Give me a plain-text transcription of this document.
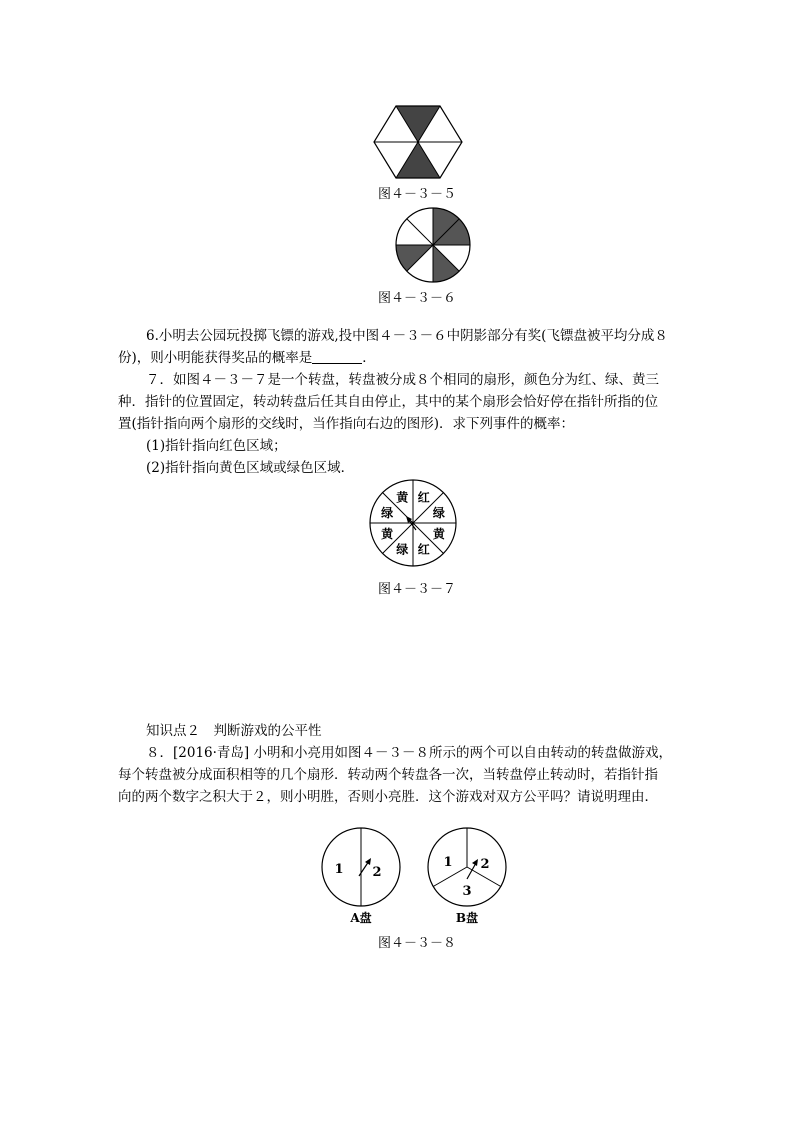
图４－３－５
图４－３－６
6.小明去公园玩投掷飞镖的游戏,投中图４－３－６中阴影部分有奖(飞镖盘被平均分成８
份)，则小明能获得奖品的概率是	．
７．如图４－３－７是一个转盘，转盘被分成８个相同的扇形，颜色分为红、绿、黄三
种．指针的位置固定，转动转盘后任其自由停止，其中的某个扇形会恰好停在指针所指的位
置(指针指向两个扇形的交线时，当作指向右边的图形)．求下列事件的概率：
(1)指针指向红色区域；
(2)指针指向黄色区域或绿色区域．
黄 红
绿
黄
红
绿
黄
绿
图４－３－７
知识点２　判断游戏的公平性
８．[2016·青岛] 小明和小亮用如图４－３－８所示的两个可以自由转动的转盘做游戏，
每个转盘被分成面积相等的几个扇形．转动两个转盘各一次，当转盘停止转动时，若指针指
向的两个数字之积大于２，则小明胜，否则小亮胜．这个游戏对双方公平吗？请说明理由．
1 2
A盘
1 2
3
B盘
图４－３－８
